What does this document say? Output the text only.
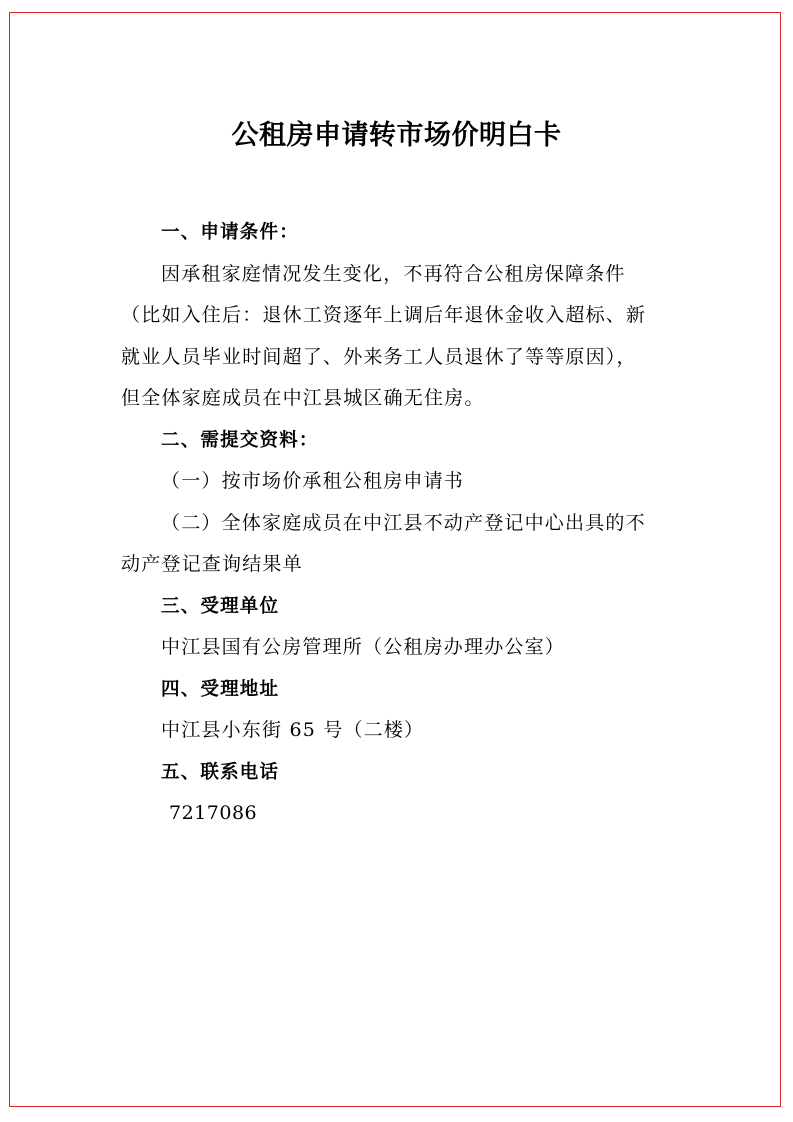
公租房申请转市场价明白卡
一、申请条件：
因承租家庭情况发生变化，不再符合公租房保障条件
（比如入住后：退休工资逐年上调后年退休金收入超标、新
就业人员毕业时间超了、外来务工人员退休了等等原因），
但全体家庭成员在中江县城区确无住房。
二、需提交资料：
（一）按市场价承租公租房申请书
（二）全体家庭成员在中江县不动产登记中心出具的不
动产登记查询结果单
三、受理单位
中江县国有公房管理所（公租房办理办公室）
四、受理地址
中江县小东街 65 号（二楼）
五、联系电话
7217086
